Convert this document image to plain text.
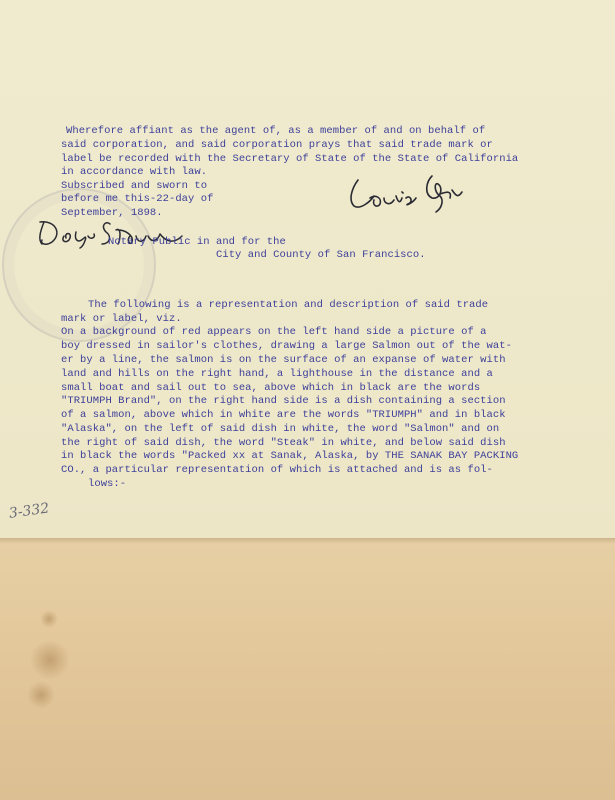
Wherefore affiant as the agent of, as a member of and on behalf of
said corporation, and said corporation prays that said trade mark or
label be recorded with the Secretary of State of the State of California
in accordance with law.
Subscribed and sworn to
before me this-22-day of
September, 1898.
Louis Getz
Doug Storey
Notary Public in and for the
City and County of San Francisco.
The following is a representation and description of said trade
mark or label, viz.
On a background of red appears on the left hand side a picture of a
boy dressed in sailor's clothes, drawing a large Salmon out of the wat-
er by a line, the salmon is on the surface of an expanse of water with
land and hills on the right hand, a lighthouse in the distance and a
small boat and sail out to sea, above which in black are the words
"TRIUMPH Brand", on the right hand side is a dish containing a section
of a salmon, above which in white are the words "TRIUMPH" and in black
"Alaska", on the left of said dish in white, the word "Salmon" and on
the right of said dish, the word "Steak" in white, and below said dish
in black the words "Packed xx at Sanak, Alaska, by THE SANAK BAY PACKING
CO., a particular representation of which is attached and is as fol-
lows:-
3-332
